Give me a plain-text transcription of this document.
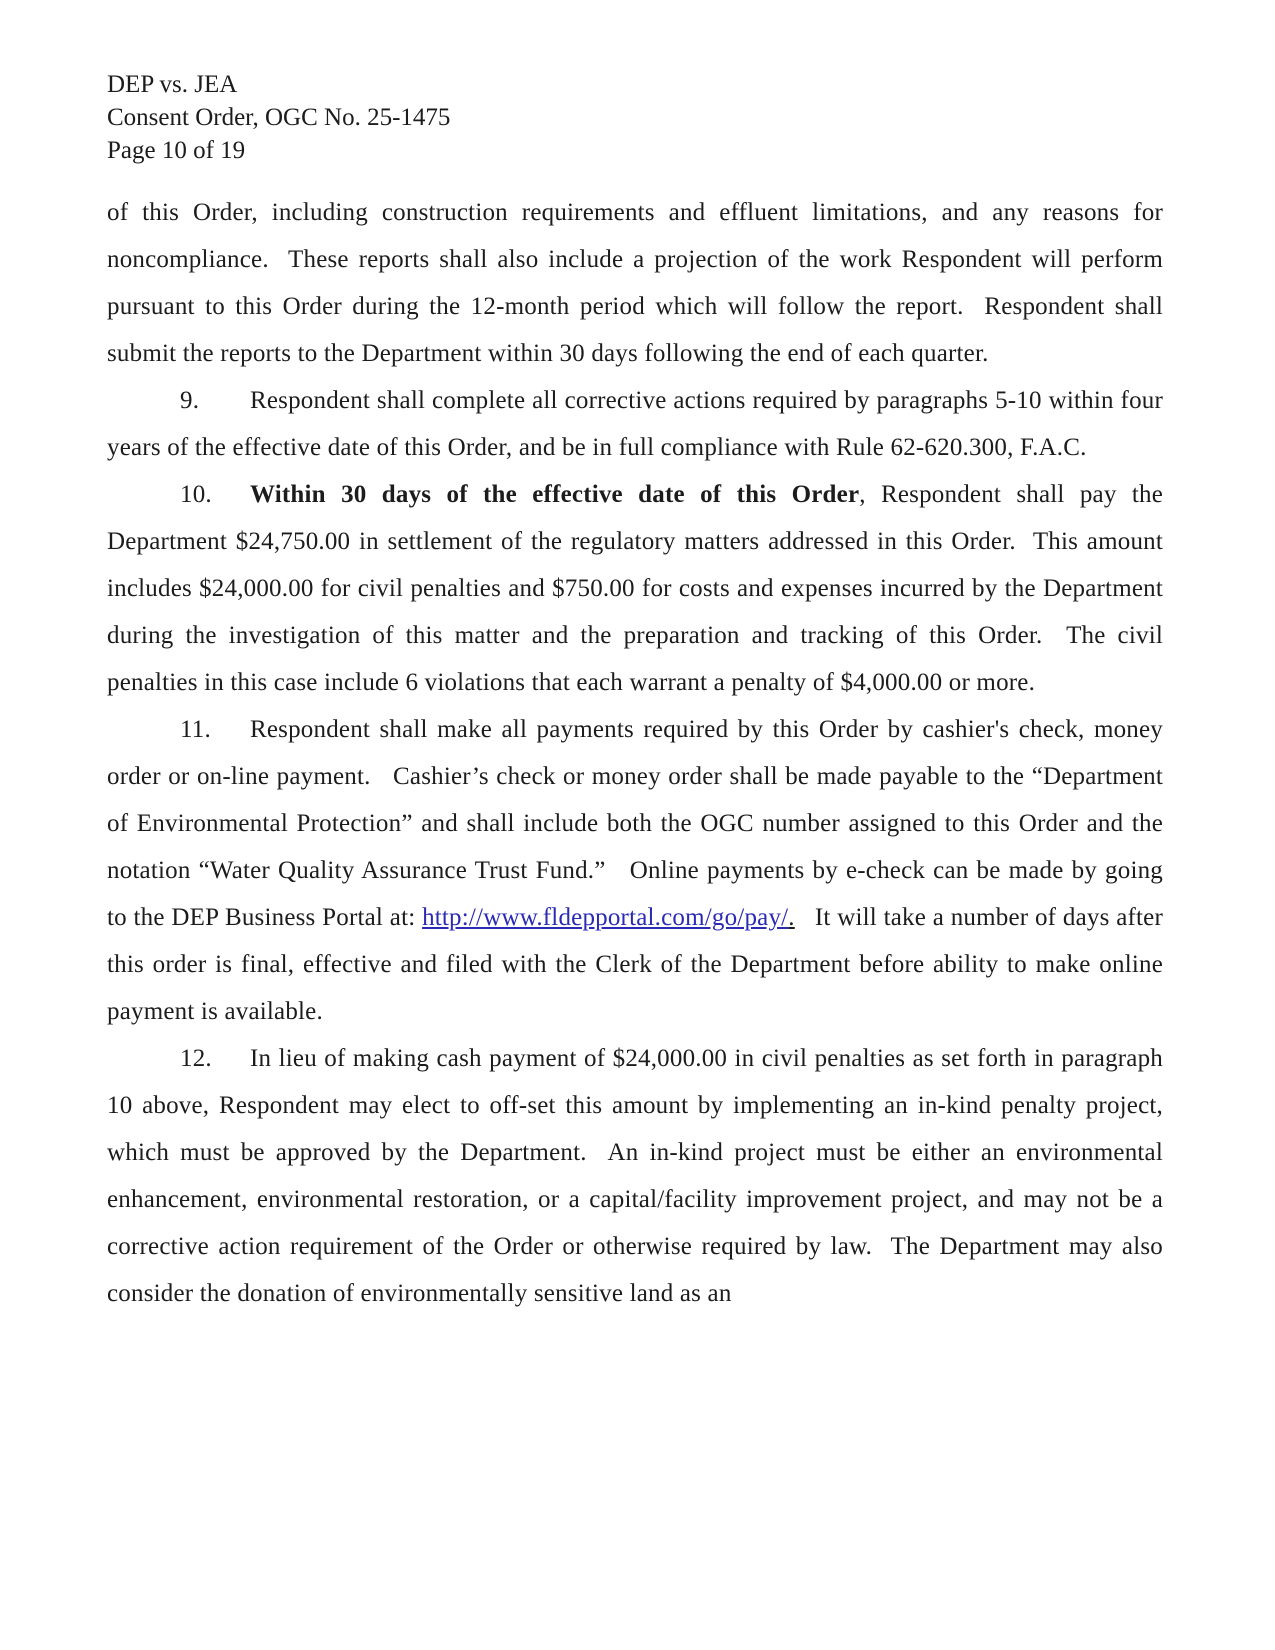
DEP vs. JEA
Consent Order, OGC No. 25-1475
Page 10 of 19

of this Order, including construction requirements and effluent limitations, and any reasons for noncompliance.  These reports shall also include a projection of the work Respondent will perform pursuant to this Order during the 12-month period which will follow the report.  Respondent shall submit the reports to the Department within 30 days following the end of each quarter.

9. Respondent shall complete all corrective actions required by paragraphs 5-10 within four years of the effective date of this Order, and be in full compliance with Rule 62-620.300, F.A.C.

10. Within 30 days of the effective date of this Order, Respondent shall pay the Department $24,750.00 in settlement of the regulatory matters addressed in this Order.  This amount includes $24,000.00 for civil penalties and $750.00 for costs and expenses incurred by the Department during the investigation of this matter and the preparation and tracking of this Order.  The civil penalties in this case include 6 violations that each warrant a penalty of $4,000.00 or more.

11. Respondent shall make all payments required by this Order by cashier's check, money order or on-line payment.   Cashier’s check or money order shall be made payable to the “Department of Environmental Protection” and shall include both the OGC number assigned to this Order and the notation “Water Quality Assurance Trust Fund.”   Online payments by e-check can be made by going to the DEP Business Portal at: http://www.fldepportal.com/go/pay/.   It will take a number of days after this order is final, effective and filed with the Clerk of the Department before ability to make online payment is available.

12. In lieu of making cash payment of $24,000.00 in civil penalties as set forth in paragraph 10 above, Respondent may elect to off-set this amount by implementing an in-kind penalty project, which must be approved by the Department.  An in-kind project must be either an environmental enhancement, environmental restoration, or a capital/facility improvement project, and may not be a corrective action requirement of the Order or otherwise required by law.  The Department may also consider the donation of environmentally sensitive land as an
